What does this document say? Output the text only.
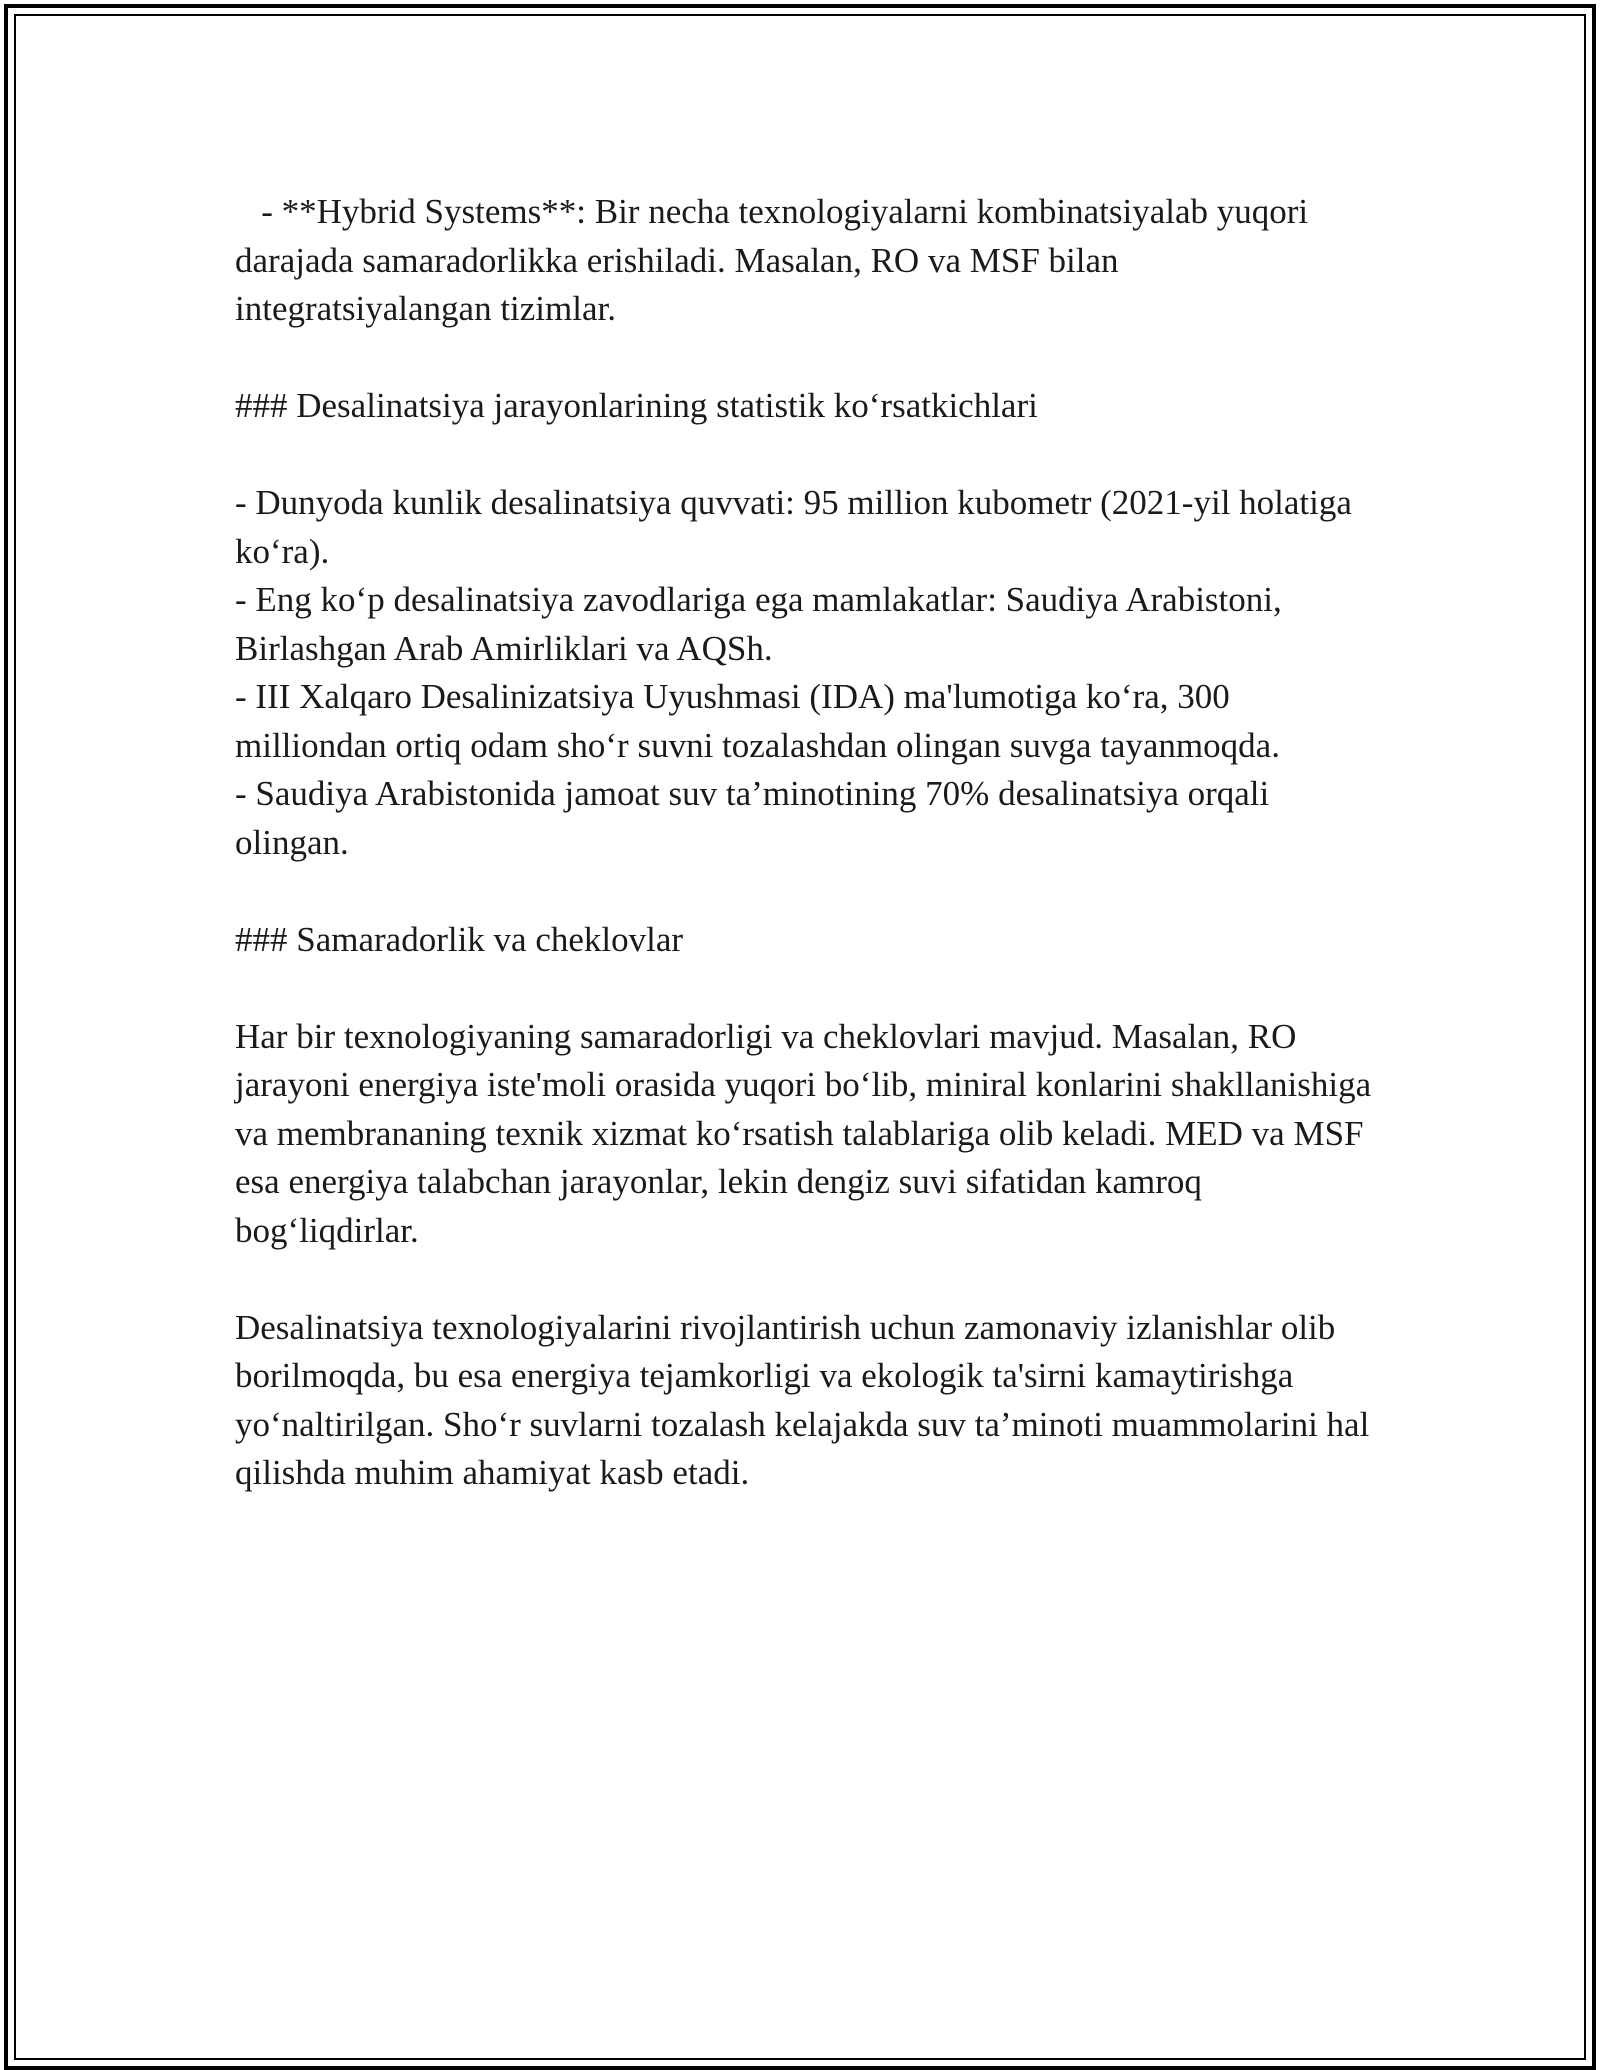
- **Hybrid Systems**: Bir necha texnologiyalarni kombinatsiyalab yuqori darajada samaradorlikka erishiladi. Masalan, RO va MSF bilan integratsiyalangan tizimlar.

### Desalinatsiya jarayonlarining statistik ko‘rsatkichlari

- Dunyoda kunlik desalinatsiya quvvati: 95 million kubometr (2021-yil holatiga ko‘ra).
- Eng ko‘p desalinatsiya zavodlariga ega mamlakatlar: Saudiya Arabistoni, Birlashgan Arab Amirliklari va AQSh.
- III Xalqaro Desalinizatsiya Uyushmasi (IDA) ma'lumotiga ko‘ra, 300 milliondan ortiq odam sho‘r suvni tozalashdan olingan suvga tayanmoqda.
- Saudiya Arabistonida jamoat suv ta’minotining 70% desalinatsiya orqali olingan.

### Samaradorlik va cheklovlar

Har bir texnologiyaning samaradorligi va cheklovlari mavjud. Masalan, RO jarayoni energiya iste'moli orasida yuqori bo‘lib, miniral konlarini shakllanishiga va membrananing texnik xizmat ko‘rsatish talablariga olib keladi. MED va MSF esa energiya talabchan jarayonlar, lekin dengiz suvi sifatidan kamroq bog‘liqdirlar.

Desalinatsiya texnologiyalarini rivojlantirish uchun zamonaviy izlanishlar olib borilmoqda, bu esa energiya tejamkorligi va ekologik ta'sirni kamaytirishga yo‘naltirilgan. Sho‘r suvlarni tozalash kelajakda suv ta’minoti muammolarini hal qilishda muhim ahamiyat kasb etadi.
